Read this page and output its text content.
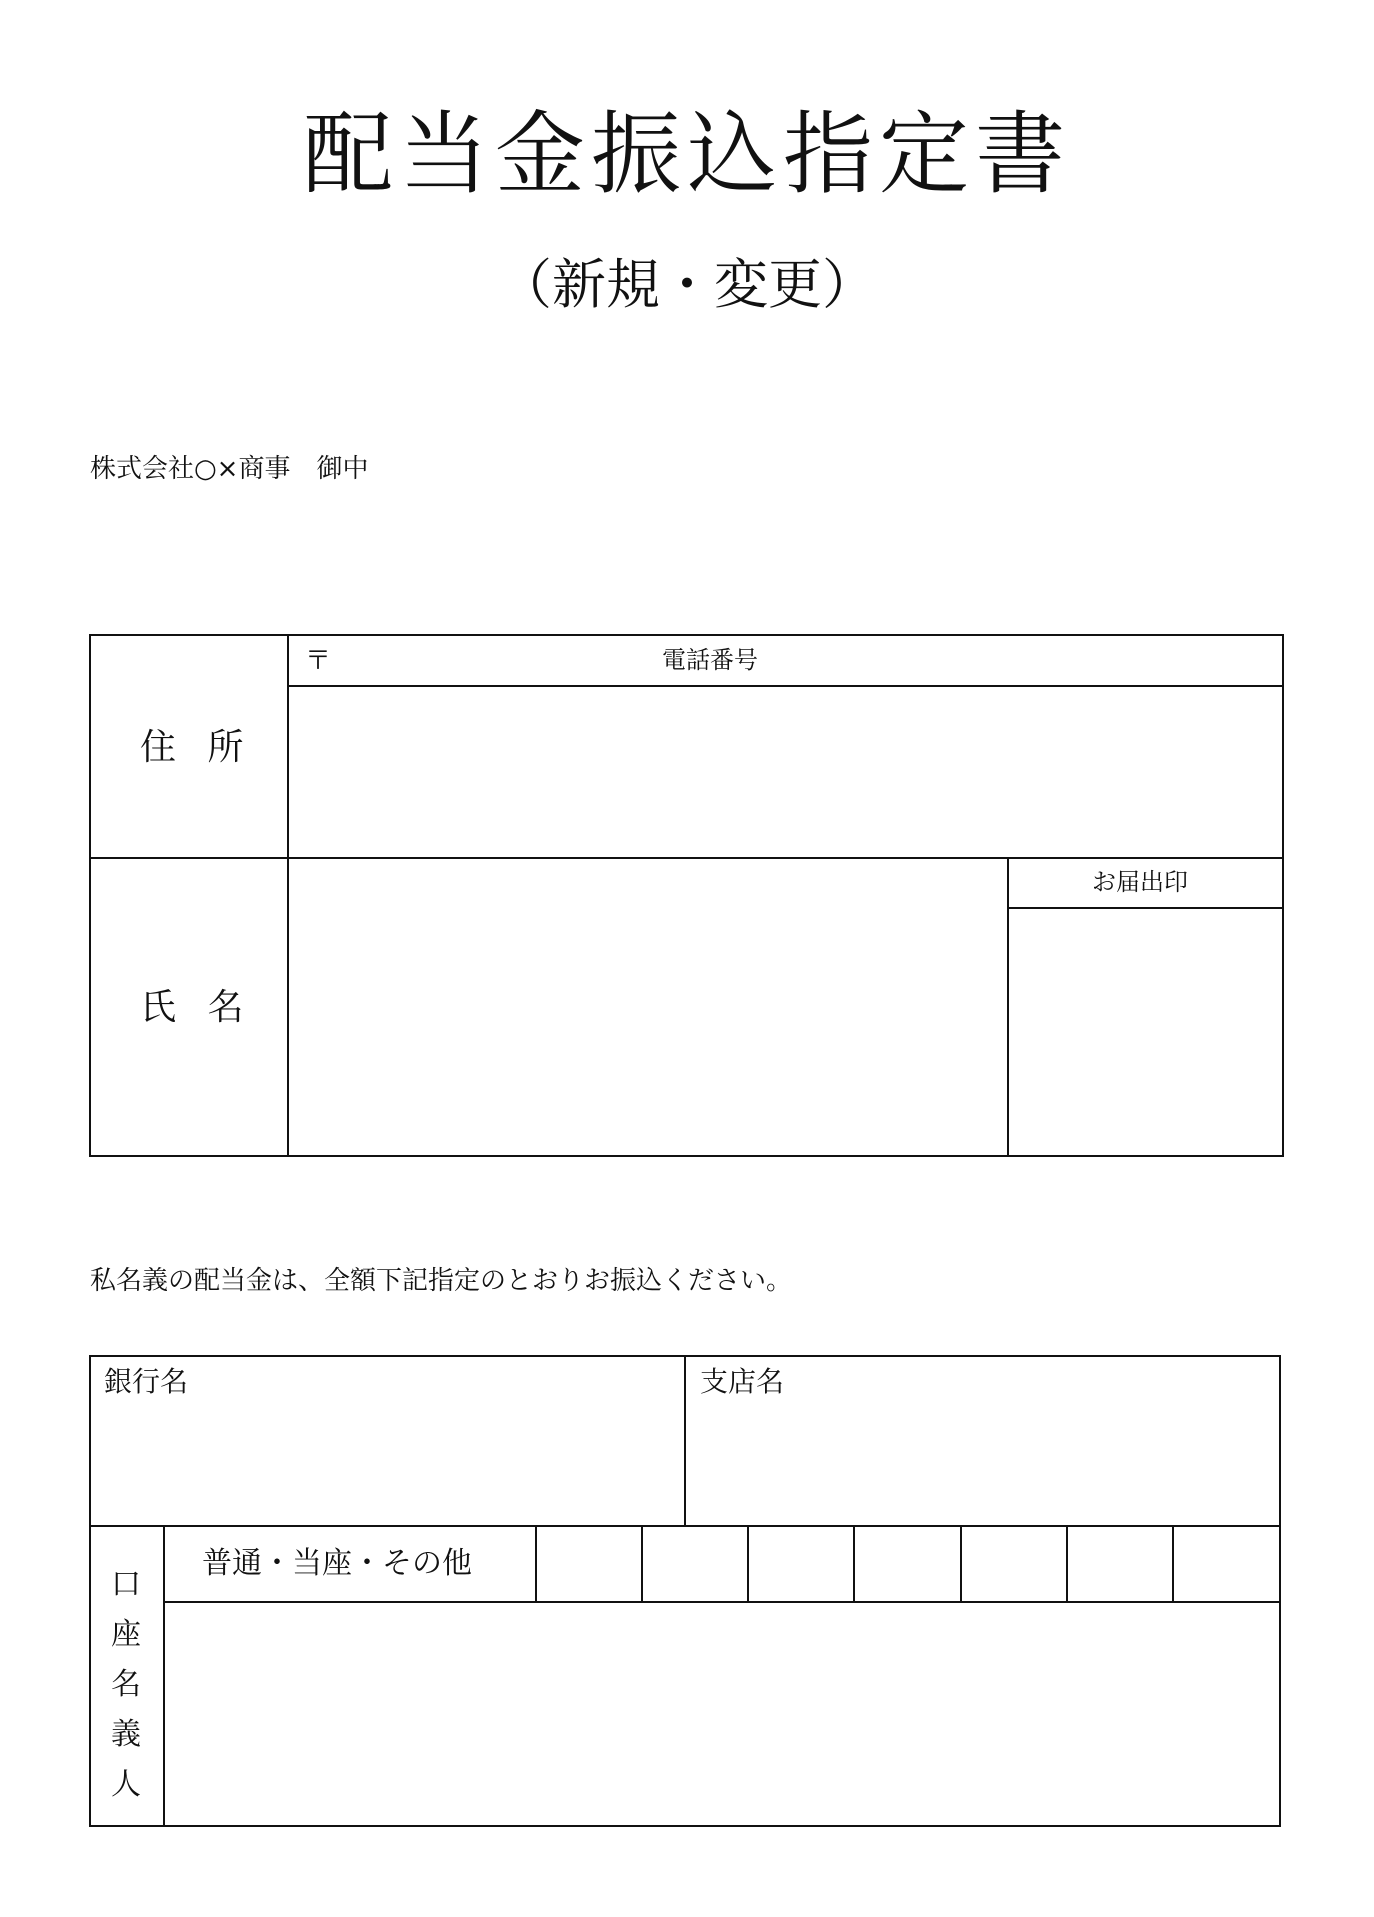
配当金振込指定書
（新規・変更）
株式会社○×商事　御中
住 所
〒	電話番号
氏 名
お届出印
私名義の配当金は、全額下記指定のとおりお振込ください。
銀行名	支店名
普通・当座・その他
口
座
名
義
人
